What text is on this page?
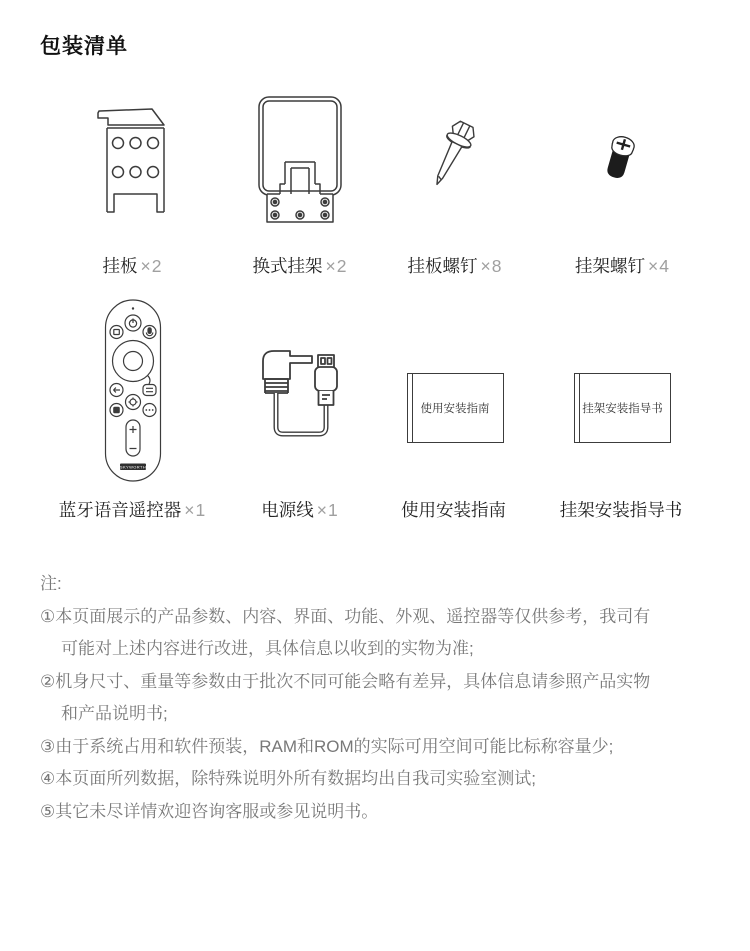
包装清单
挂板 ×2	换式挂架 ×2	挂板螺钉 ×8	挂架螺钉 ×4
SKYWORTH
蓝牙语音遥控器 ×1	电源线 ×1
使用安装指南
使用安装指南
挂架安装指导书
挂架安装指导书
注:
①本页面展示的产品参数、内容、界面、功能、外观、遥控器等仅供参考，我司有
可能对上述内容进行改进，具体信息以收到的实物为准;
②机身尺寸、重量等参数由于批次不同可能会略有差异，具体信息请参照产品实物
和产品说明书;
③由于系统占用和软件预装，RAM和ROM的实际可用空间可能比标称容量少;
④本页面所列数据，除特殊说明外所有数据均出自我司实验室测试;
⑤其它未尽详情欢迎咨询客服或参见说明书。
